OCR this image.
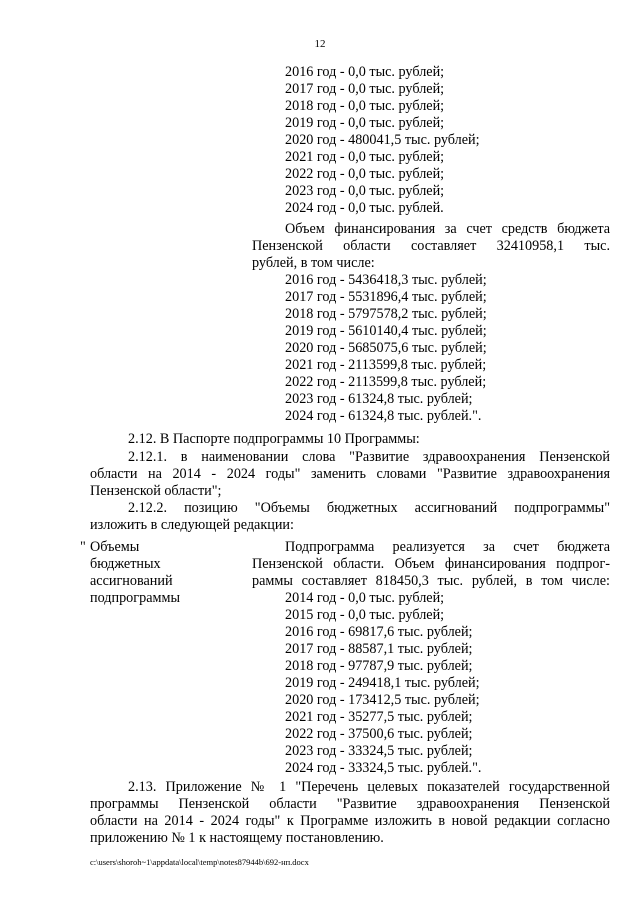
12
2016 год - 0,0 тыс. рублей;
2017 год - 0,0 тыс. рублей;
2018 год - 0,0 тыс. рублей;
2019 год - 0,0 тыс. рублей;
2020 год - 480041,5 тыс. рублей;
2021 год - 0,0 тыс. рублей;
2022 год - 0,0 тыс. рублей;
2023 год - 0,0 тыс. рублей;
2024 год - 0,0 тыс. рублей.
Объем финансирования за счет средств бюджета
Пензенской области составляет 32410958,1 тыс.
рублей, в том числе:
2016 год - 5436418,3 тыс. рублей;
2017 год - 5531896,4 тыс. рублей;
2018 год - 5797578,2 тыс. рублей;
2019 год - 5610140,4 тыс. рублей;
2020 год - 5685075,6 тыс. рублей;
2021 год - 2113599,8 тыс. рублей;
2022 год - 2113599,8 тыс. рублей;
2023 год - 61324,8 тыс. рублей;
2024 год - 61324,8 тыс. рублей.".
2.12. В Паспорте подпрограммы 10 Программы:
2.12.1. в наименовании слова "Развитие здравоохранения Пензенской
области на 2014 - 2024 годы" заменить словами "Развитие здравоохранения
Пензенской области";
2.12.2. позицию "Объемы бюджетных ассигнований подпрограммы"
изложить в следующей редакции:
" Объемы
бюджетных
ассигнований
подпрограммы
Подпрограмма реализуется за счет бюджета
Пензенской области. Объем финансирования подпрог-
раммы составляет 818450,3 тыс. рублей, в том числе:
2014 год - 0,0 тыс. рублей;
2015 год - 0,0 тыс. рублей;
2016 год - 69817,6 тыс. рублей;
2017 год - 88587,1 тыс. рублей;
2018 год - 97787,9 тыс. рублей;
2019 год - 249418,1 тыс. рублей;
2020 год - 173412,5 тыс. рублей;
2021 год - 35277,5 тыс. рублей;
2022 год - 37500,6 тыс. рублей;
2023 год - 33324,5 тыс. рублей;
2024 год - 33324,5 тыс. рублей.".
2.13. Приложение № 1 "Перечень целевых показателей государственной
программы Пензенской области "Развитие здравоохранения Пензенской
области на 2014 - 2024 годы" к Программе изложить в новой редакции согласно
приложению № 1 к настоящему постановлению.
c:\users\shoroh~1\appdata\local\temp\notes87944b\692-нп.docx
